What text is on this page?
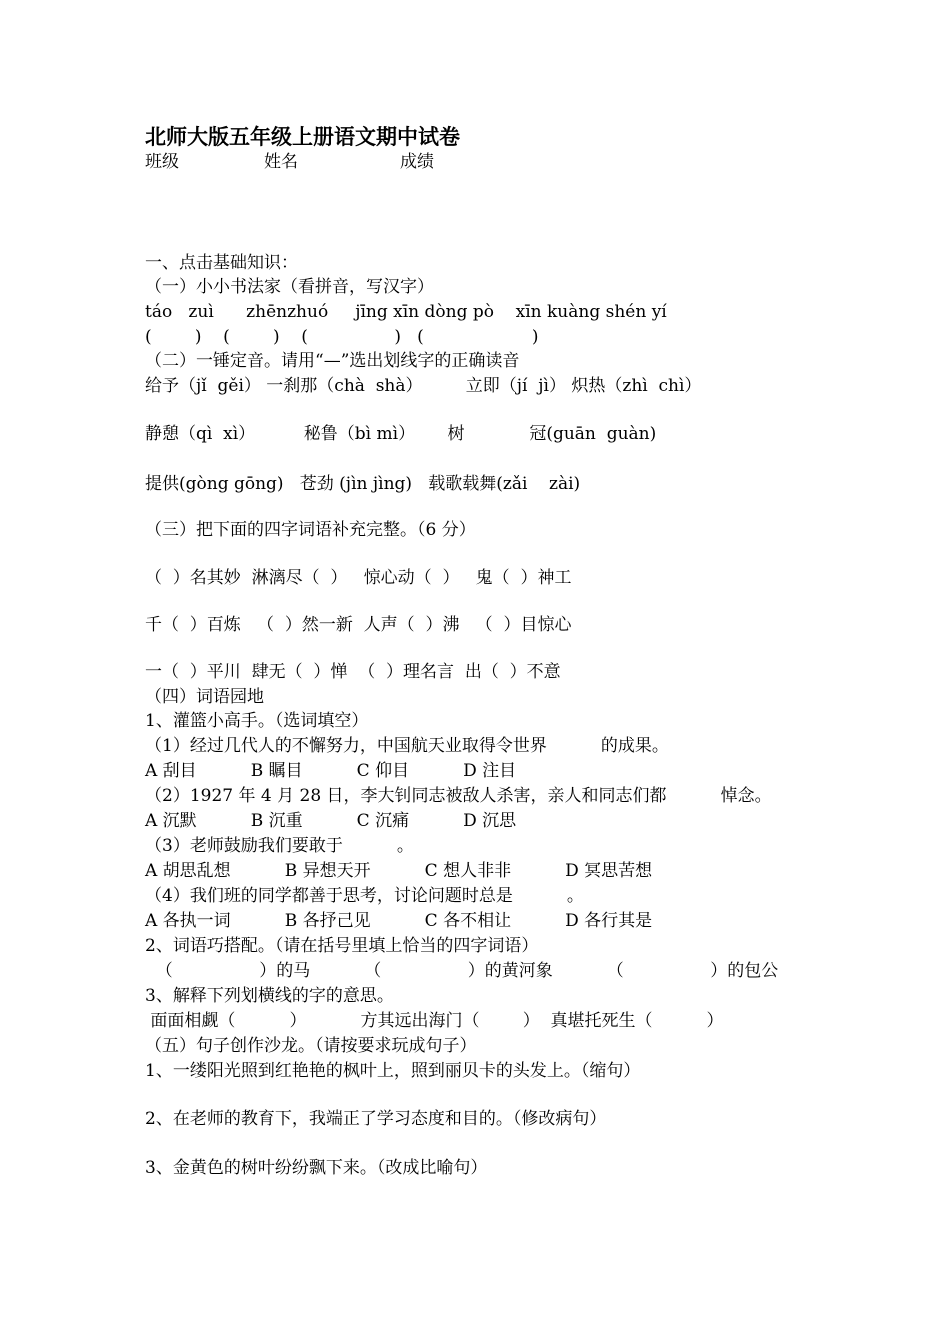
北师大版五年级上册语文期中试卷
班级　　　　　姓名　　　　　　成绩
一、点击基础知识：
（一）小小书法家（看拼音，写汉字）
táo   zuì      zhēnzhuó     jīng xīn dòng pò    xīn kuàng shén yí
(        )    (        )    (                )   (                    )
（二）一锤定音。请用“—”选出划线字的正确读音
给予（jǐ  gěi） 一刹那（chà  shà）        立即（jí  jì） 炽热（zhì  chì）
静憩（qì  xì）         秘鲁（bì mì）      树            冠(guān  guàn)
提供(gòng gōng)   苍劲 (jìn jìng)   载歌载舞(zǎi    zài)
（三）把下面的四字词语补充完整。（6 分）
（  ）名其妙  淋漓尽（  ）   惊心动（  ）   鬼（  ）神工
千（  ）百炼   （  ）然一新  人声（  ）沸   （  ）目惊心
一（  ）平川  肆无（  ）惮  （  ）理名言  出（  ）不意
（四）词语园地
1、灌篮小高手。（选词填空）
（1）经过几代人的不懈努力，中国航天业取得令世界          的成果。
A 刮目          B 瞩目          C 仰目          D 注目
（2）1927 年 4 月 28 日，李大钊同志被敌人杀害，亲人和同志们都          悼念。
A 沉默          B 沉重          C 沉痛          D 沉思
（3）老师鼓励我们要敢于          。
A 胡思乱想          B 异想天开          C 想人非非          D 冥思苦想
（4）我们班的同学都善于思考，讨论问题时总是          。
A 各执一词          B 各抒己见          C 各不相让          D 各行其是
2、词语巧搭配。（请在括号里填上恰当的四字词语）
（                ）的马          （                ）的黄河象          （                ）的包公
3、解释下列划横线的字的意思。
面面相觑（          ）          方其远出海门（        ）  真堪托死生（          ）
（五）句子创作沙龙。（请按要求玩成句子）
1、一缕阳光照到红艳艳的枫叶上，照到丽贝卡的头发上。（缩句）
2、在老师的教育下，我端正了学习态度和目的。（修改病句）
3、金黄色的树叶纷纷飘下来。（改成比喻句）
